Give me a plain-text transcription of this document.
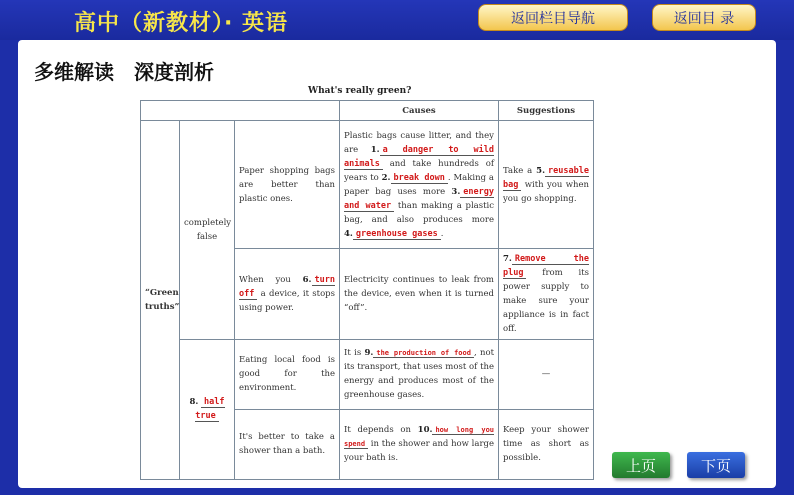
高中（新教材）· 英语	返回栏目导航	返回目 录
多维解读　深度剖析
What's really green?
			Causes	Suggestions
“Green truths”	completely false	Paper shopping bags are better than plastic ones.	Plastic bags cause litter, and they are 1. a danger to wild animals and take hundreds of years to 2. break down . Making a paper bag uses more 3. energy and water than making a plastic bag, and also produces more 4. greenhouse gases .	Take a 5. reusable bag with you when you go shopping.
		When you 6. turn off a device, it stops using power.	Electricity continues to leak from the device, even when it is turned “off”.	7. Remove the plug from its power supply to make sure your appliance is in fact off.
	8. half true	Eating local food is good for the environment.	It is 9. the production of food , not its transport, that uses most of the energy and produces most of the greenhouse gases.	—
		It's better to take a shower than a bath.	It depends on 10. how long you spend in the shower and how large your bath is.	Keep your shower time as short as possible.	上页	下页
